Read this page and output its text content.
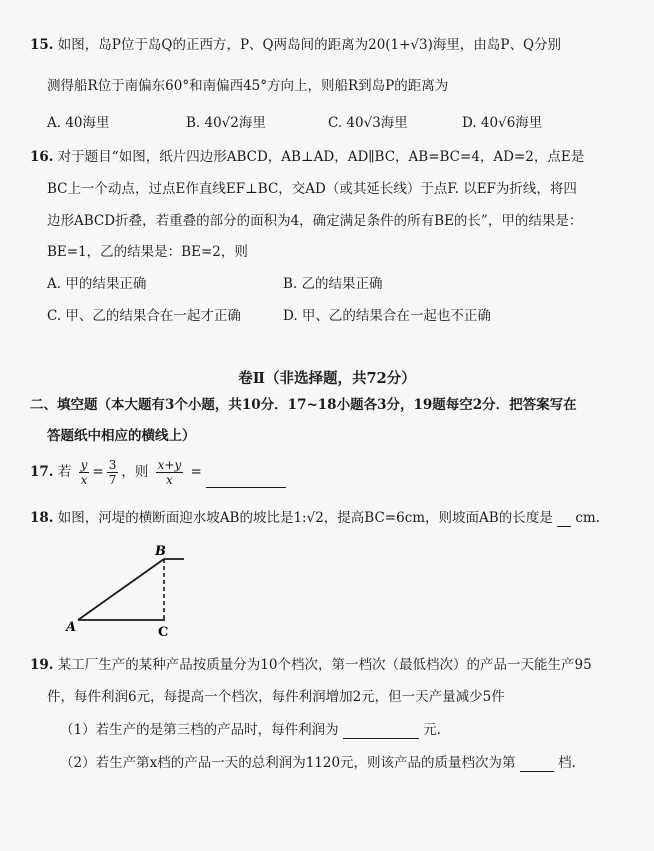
15. 如图，岛P位于岛Q的正西方，P、Q两岛间的距离为20(1+√3)海里，由岛P、Q分别
测得船R位于南偏东60°和南偏西45°方向上，则船R到岛P的距离为
A. 40海里	B. 40√2海里	C. 40√3海里	D. 40√6海里
16. 对于题目“如图，纸片四边形ABCD，AB⊥AD，AD∥BC，AB=BC=4，AD=2，点E是
BC上一个动点，过点E作直线EF⊥BC，交AD（或其延长线）于点F. 以EF为折线，将四
边形ABCD折叠，若重叠的部分的面积为4，确定满足条件的所有BE的长”，甲的结果是：
BE=1，乙的结果是：BE=2，则
A. 甲的结果正确	B. 乙的结果正确
C. 甲、乙的结果合在一起才正确	D. 甲、乙的结果合在一起也不正确
卷Ⅱ（非选择题，共72分）
二、填空题（本大题有3个小题，共10分．17~18小题各3分，19题每空2分．把答案写在
答题纸中相应的横线上）
17. 若 $\frac{y}{x} = \frac{3}{7}$ ，则 $\frac{x+y}{x}$ =
18. 如图，河堤的横断面迎水坡AB的坡比是1:√2，提高BC=6cm，则坡面AB的长度是 cm.
A
B
C
19. 某工厂生产的某种产品按质量分为10个档次，第一档次（最低档次）的产品一天能生产95
件，每件利润6元，每提高一个档次，每件利润增加2元，但一天产量减少5件
（1）若生产的是第三档的产品时，每件利润为	元.
（2）若生产第x档的产品一天的总利润为1120元，则该产品的质量档次为第	档.
